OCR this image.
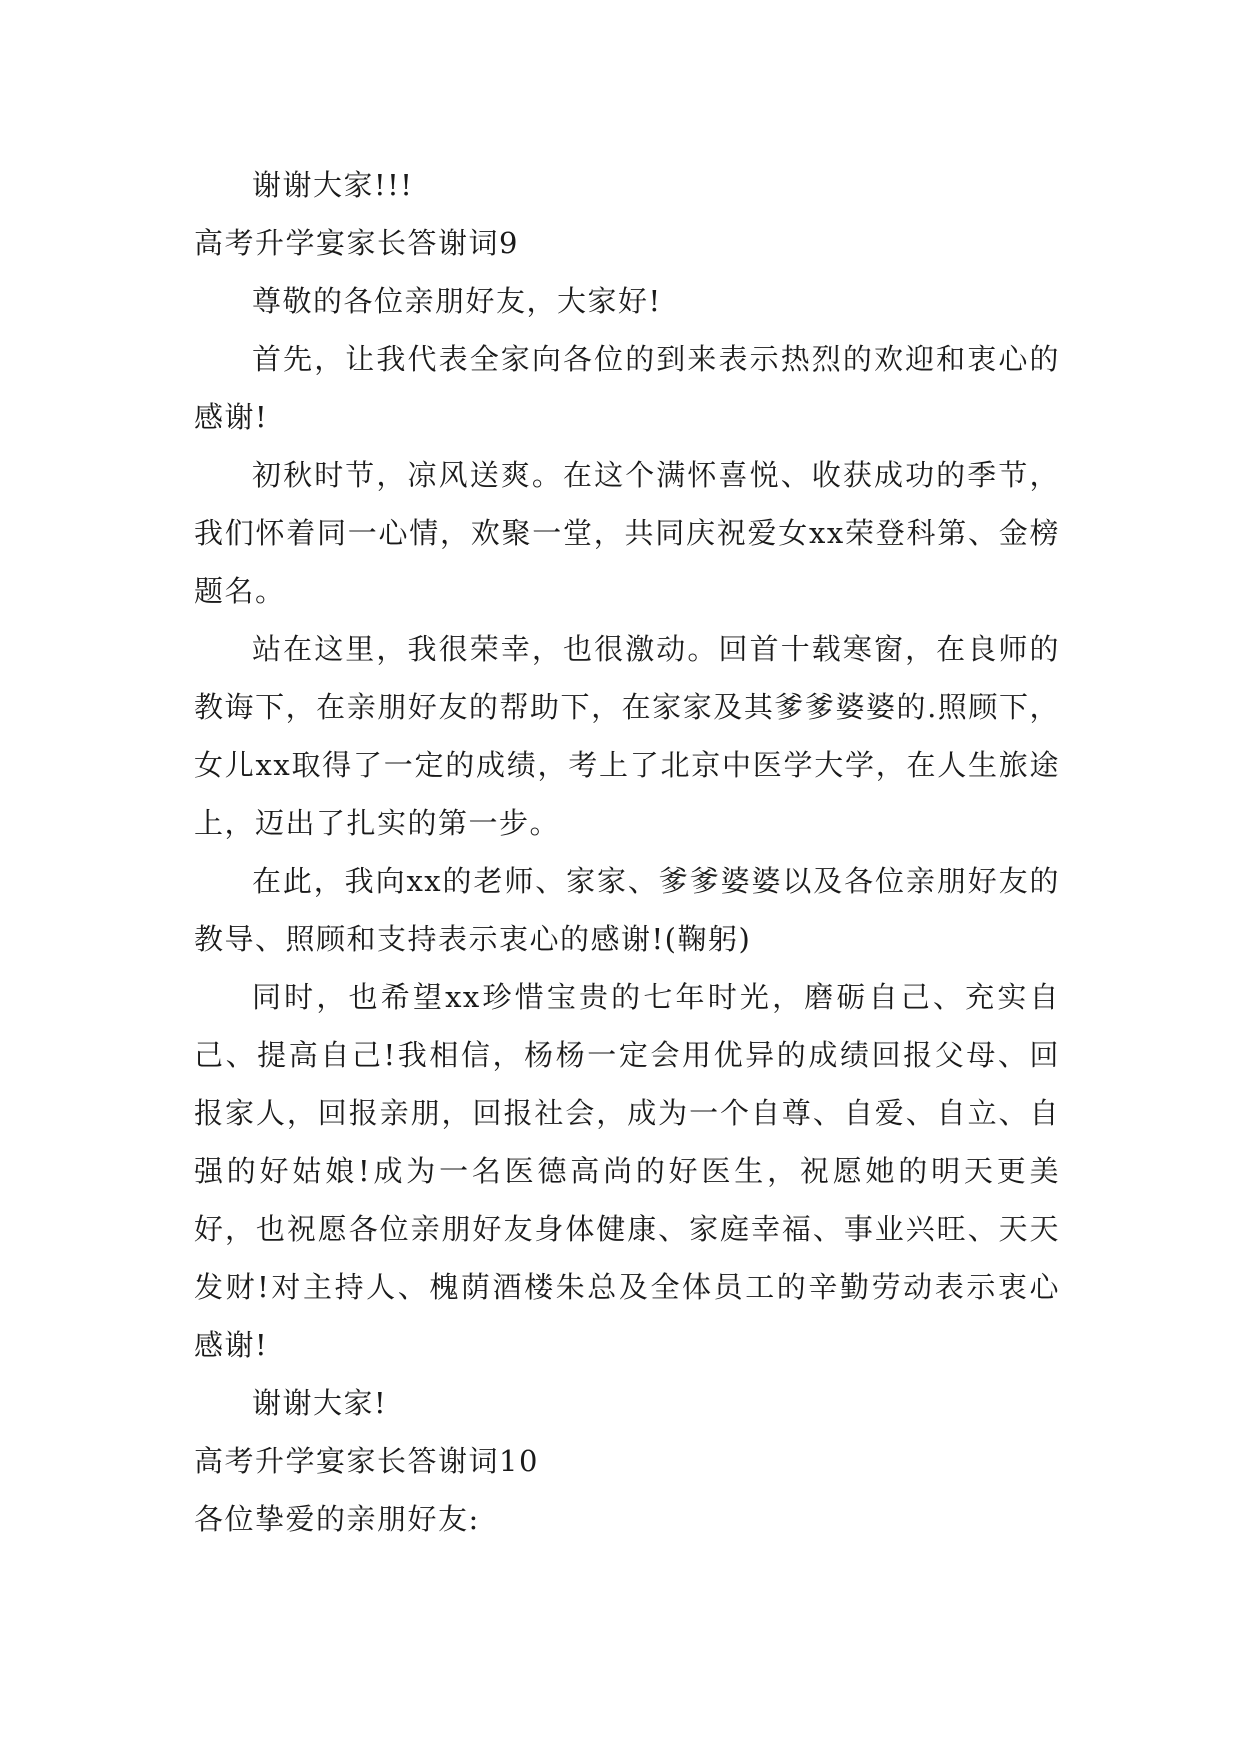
谢谢大家!!!

高考升学宴家长答谢词9

尊敬的各位亲朋好友，大家好!

首先，让我代表全家向各位的到来表示热烈的欢迎和衷心的感谢!

初秋时节，凉风送爽。在这个满怀喜悦、收获成功的季节，我们怀着同一心情，欢聚一堂，共同庆祝爱女xx荣登科第、金榜题名。

站在这里，我很荣幸，也很激动。回首十载寒窗，在良师的教诲下，在亲朋好友的帮助下，在家家及其爹爹婆婆的.照顾下，女儿xx取得了一定的成绩，考上了北京中医学大学，在人生旅途上，迈出了扎实的第一步。

在此，我向xx的老师、家家、爹爹婆婆以及各位亲朋好友的教导、照顾和支持表示衷心的感谢!(鞠躬)

同时，也希望xx珍惜宝贵的七年时光，磨砺自己、充实自己、提高自己!我相信，杨杨一定会用优异的成绩回报父母、回报家人，回报亲朋，回报社会，成为一个自尊、自爱、自立、自强的好姑娘!成为一名医德高尚的好医生，祝愿她的明天更美好，也祝愿各位亲朋好友身体健康、家庭幸福、事业兴旺、天天发财!对主持人、槐荫酒楼朱总及全体员工的辛勤劳动表示衷心感谢!

谢谢大家!

高考升学宴家长答谢词10

各位挚爱的亲朋好友:
